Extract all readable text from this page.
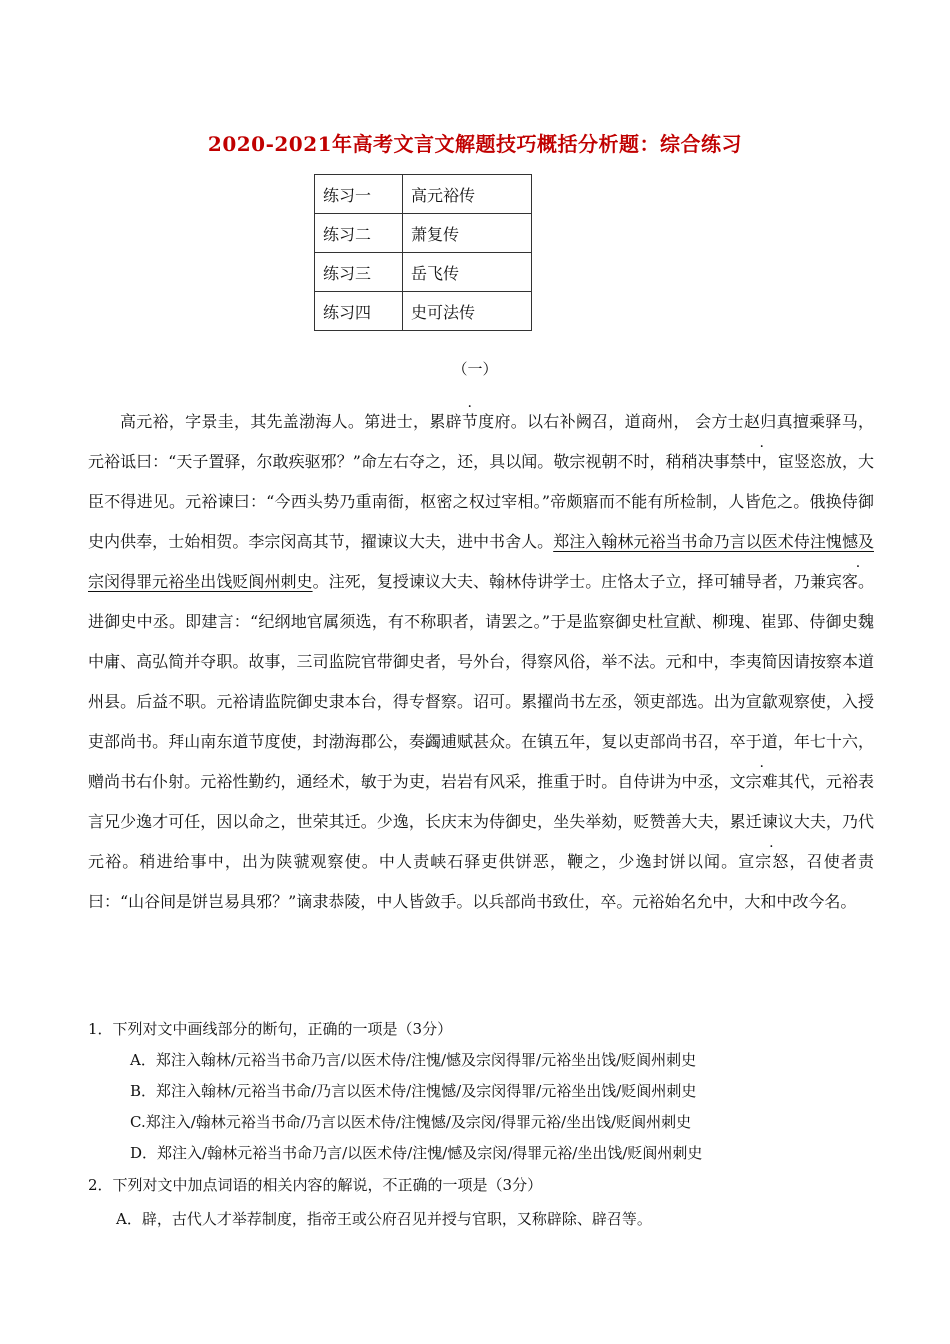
2020-2021年高考文言文解题技巧概括分析题：综合练习
练习一	高元裕传
练习二	萧复传
练习三	岳飞传
练习四	史可法传
（一）

高元裕，字景圭，其先盖渤海人。第进士，累辟节度府。以右补阙召，道商州， 会方士赵归真擅乘驿马，元裕诋曰：“天子置驿，尔敢疾驱邪？”命左右夺之，还，具以闻。敬宗视朝不时，稍稍决事禁中，宦竖恣放，大臣不得进见。元裕谏曰：“今西头势乃重南衙，枢密之权过宰相。”帝颇寤而不能有所检制，人皆危之。俄换侍御史内供奉，士始相贺。李宗闵高其节，擢谏议大夫，进中书舍人。郑注入翰林元裕当书命乃言以医术侍注愧憾及宗闵得罪元裕坐出饯贬阆州刺史。注死，复授谏议大夫、翰林侍讲学士。庄恪太子立，择可辅导者，乃兼宾客。进御史中丞。即建言：“纪纲地官属须选，有不称职者，请罢之。”于是监察御史杜宣猷、柳瑰、崔郢、侍御史魏中庸、高弘简并夺职。故事，三司监院官带御史者，号外台，得察风俗，举不法。元和中，李夷简因请按察本道州县。后益不职。元裕请监院御史隶本台，得专督察。诏可。累擢尚书左丞，领吏部选。出为宣歙观察使，入授吏部尚书。拜山南东道节度使，封渤海郡公，奏蠲逋赋甚众。在镇五年，复以吏部尚书召，卒于道，年七十六，赠尚书右仆射。元裕性勤约，通经术，敏于为吏，岩岩有风采，推重于时。自侍讲为中丞，文宗难其代，元裕表言兄少逸才可任，因以命之，世荣其迁。少逸，长庆末为侍御史，坐失举劾，贬赞善大夫，累迁谏议大夫，乃代元裕。稍进给事中，出为陕虢观察使。中人责峡石驿吏供饼恶，鞭之，少逸封饼以闻。宣宗怒，召使者责曰：“山谷间是饼岂易具邪？”谪隶恭陵，中人皆敛手。以兵部尚书致仕，卒。元裕始名允中，大和中改今名。

1．下列对文中画线部分的断句，正确的一项是（3分）
A．郑注入翰林/元裕当书命乃言/以医术侍/注愧/憾及宗闵得罪/元裕坐出饯/贬阆州刺史
B．郑注入翰林/元裕当书命/乃言以医术侍/注愧憾/及宗闵得罪/元裕坐出饯/贬阆州刺史
C.郑注入/翰林元裕当书命/乃言以医术侍/注愧憾/及宗闵/得罪元裕/坐出饯/贬阆州刺史
D．郑注入/翰林元裕当书命乃言/以医术侍/注愧/憾及宗闵/得罪元裕/坐出饯/贬阆州刺史
2．下列对文中加点词语的相关内容的解说，不正确的一项是（3分）
A．辟，古代人才举荐制度，指帝王或公府召见并授与官职，又称辟除、辟召等。
